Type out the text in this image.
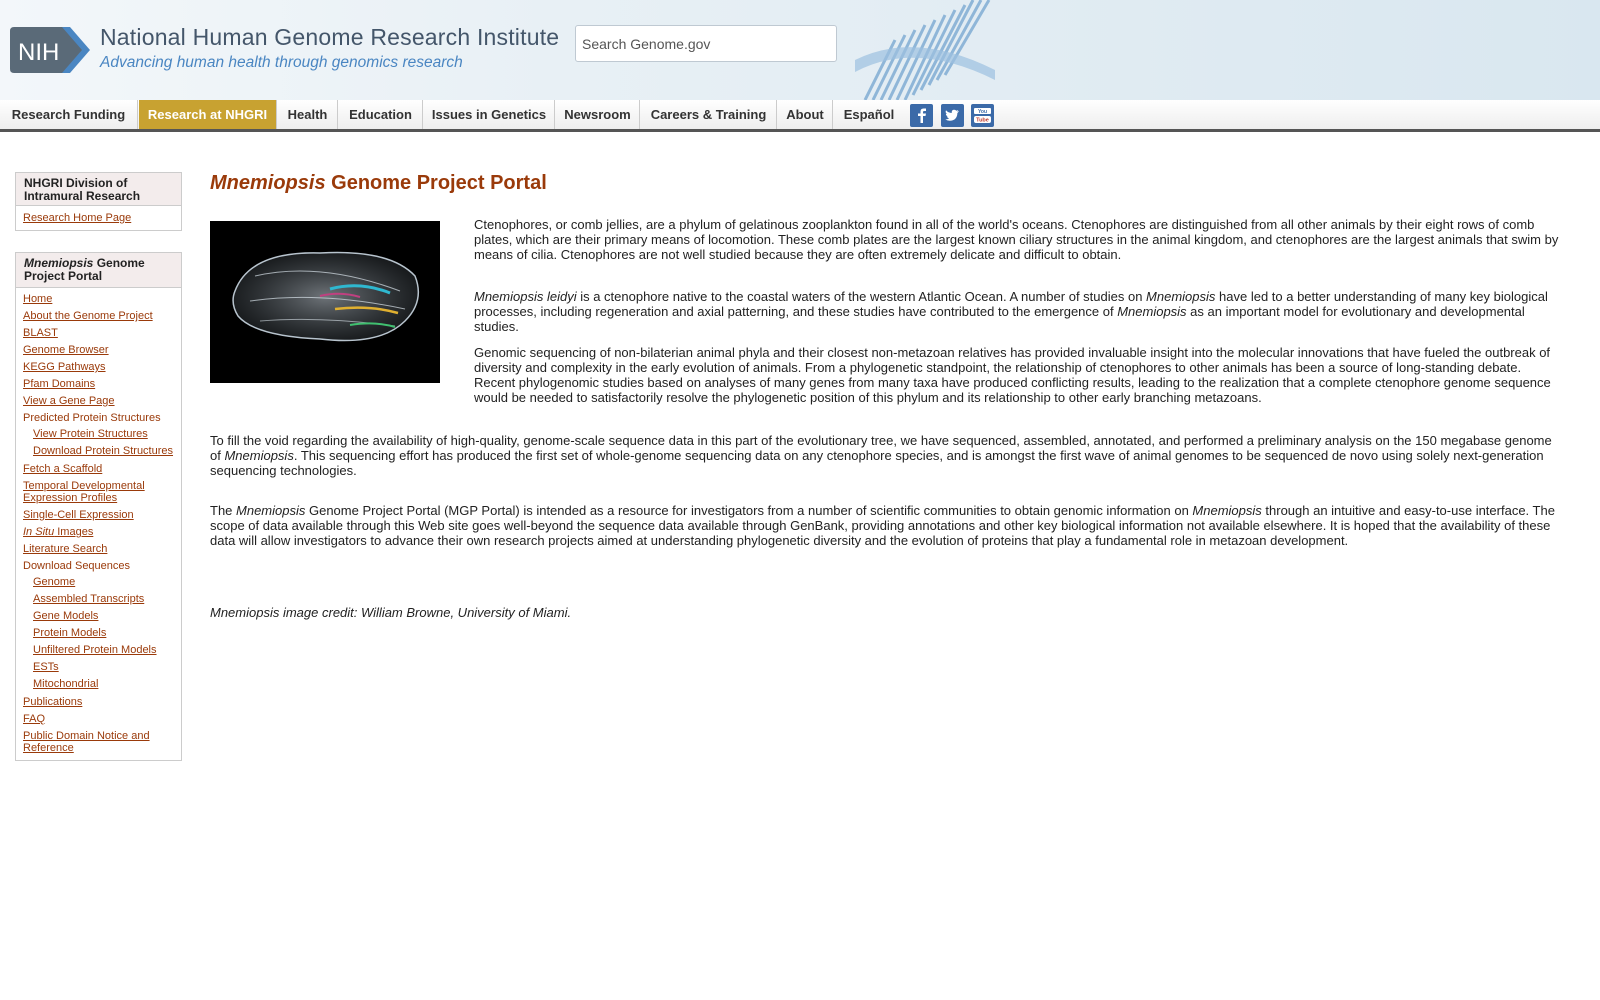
NIH
National Human Genome Research Institute
Advancing human health through genomics research
Search Genome.gov
Research Funding	Research at NHGRI	Health	Education	Issues in Genetics	Newsroom	Careers & Training	About	Español	You
Tube
NHGRI Division of Intramural Research
Research Home Page
Mnemiopsis Genome Project Portal
Home
About the Genome Project
BLAST
Genome Browser
KEGG Pathways
Pfam Domains
View a Gene Page
Predicted Protein Structures
View Protein Structures
Download Protein Structures
Fetch a Scaffold
Temporal Developmental Expression Profiles
Single-Cell Expression
In Situ Images
Literature Search
Download Sequences
Genome
Assembled Transcripts
Gene Models
Protein Models
Unfiltered Protein Models
ESTs
Mitochondrial
Publications
FAQ
Public Domain Notice and Reference
Mnemiopsis Genome Project Portal

Ctenophores, or comb jellies, are a phylum of gelatinous zooplankton found in all of the world's oceans. Ctenophores are distinguished from all other animals by their eight rows of comb plates, which are their primary means of locomotion. These comb plates are the largest known ciliary structures in the animal kingdom, and ctenophores are the largest animals that swim by means of cilia. Ctenophores are not well studied because they are often extremely delicate and difficult to obtain.

Mnemiopsis leidyi is a ctenophore native to the coastal waters of the western Atlantic Ocean. A number of studies on Mnemiopsis have led to a better understanding of many key biological processes, including regeneration and axial patterning, and these studies have contributed to the emergence of Mnemiopsis as an important model for evolutionary and developmental studies.

Genomic sequencing of non-bilaterian animal phyla and their closest non-metazoan relatives has provided invaluable insight into the molecular innovations that have fueled the outbreak of diversity and complexity in the early evolution of animals. From a phylogenetic standpoint, the relationship of ctenophores to other animals has been a source of long-standing debate. Recent phylogenomic studies based on analyses of many genes from many taxa have produced conflicting results, leading to the realization that a complete ctenophore genome sequence would be needed to satisfactorily resolve the phylogenetic position of this phylum and its relationship to other early branching metazoans.

To fill the void regarding the availability of high-quality, genome-scale sequence data in this part of the evolutionary tree, we have sequenced, assembled, annotated, and performed a preliminary analysis on the 150 megabase genome of Mnemiopsis. This sequencing effort has produced the first set of whole-genome sequencing data on any ctenophore species, and is amongst the first wave of animal genomes to be sequenced de novo using solely next-generation sequencing technologies.

The Mnemiopsis Genome Project Portal (MGP Portal) is intended as a resource for investigators from a number of scientific communities to obtain genomic information on Mnemiopsis through an intuitive and easy-to-use interface. The scope of data available through this Web site goes well-beyond the sequence data available through GenBank, providing annotations and other key biological information not available elsewhere. It is hoped that the availability of these data will allow investigators to advance their own research projects aimed at understanding phylogenetic diversity and the evolution of proteins that play a fundamental role in metazoan development.

Mnemiopsis image credit: William Browne, University of Miami.
